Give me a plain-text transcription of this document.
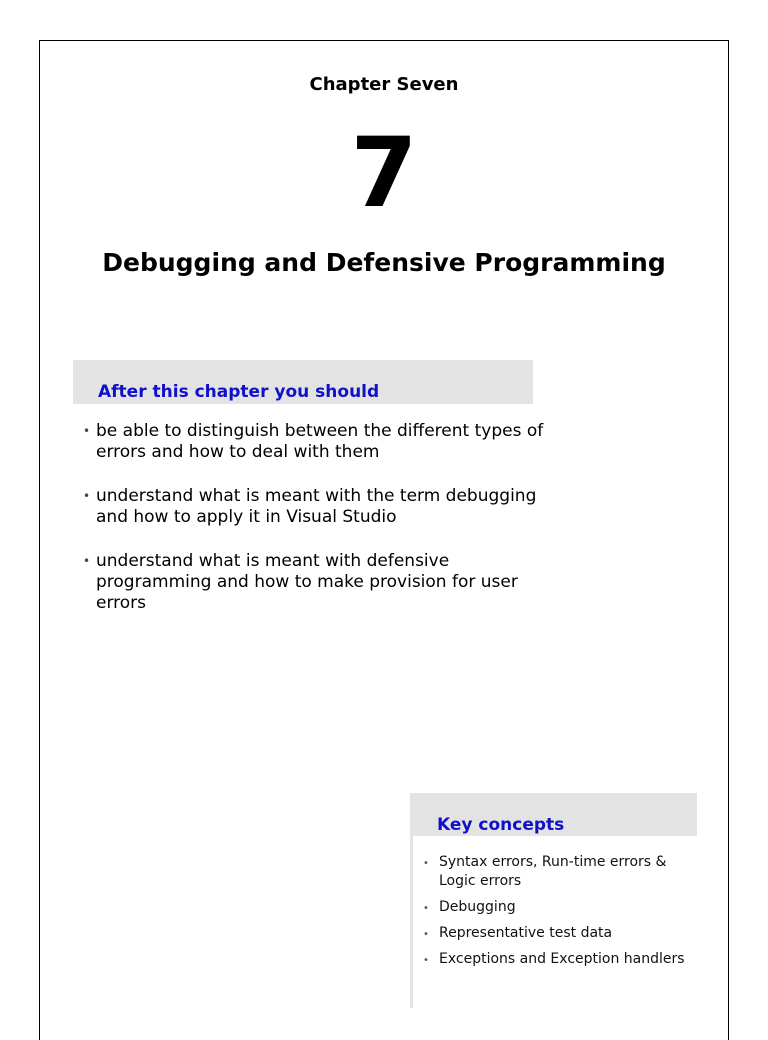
Chapter Seven
7
Debugging and Defensive Programming
After this chapter you should
• be able to distinguish between the different types of errors and how to deal with them
• understand what is meant with the term debugging and how to apply it in Visual Studio
• understand what is meant with defensive programming and how to make provision for user errors
Key concepts
• Syntax errors, Run-time errors & Logic errors
• Debugging
• Representative test data
• Exceptions and Exception handlers
